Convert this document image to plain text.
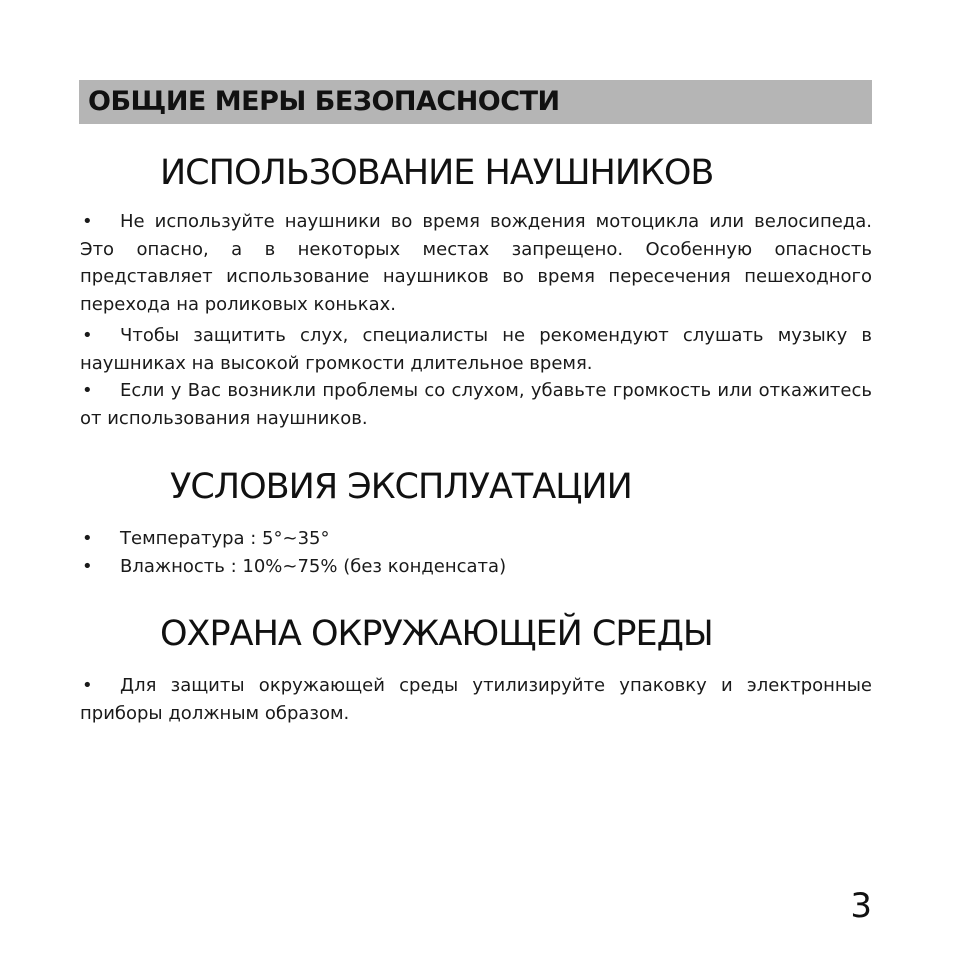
ОБЩИЕ МЕРЫ БЕЗОПАСНОСТИ
ИСПОЛЬЗОВАНИЕ НАУШНИКОВ

• Не используйте наушники во время вождения мотоцикла или велосипеда. Это опасно, а в некоторых местах запрещено. Особенную опасность представляет использование наушников во время пересечения пешеходного перехода на роликовых коньках.

• Чтобы защитить слух, специалисты не рекомендуют слушать музыку в наушниках на высокой громкости длительное время.

• Если у Вас возникли проблемы со слухом, убавьте громкость или откажитесь от использования наушников.

УСЛОВИЯ ЭКСПЛУАТАЦИИ
• Температура : 5°~35°
• Влажность : 10%~75% (без конденсата)
ОХРАНА ОКРУЖАЮЩЕЙ СРЕДЫ

• Для защиты окружающей среды утилизируйте упаковку и электронные приборы должным образом.

3
